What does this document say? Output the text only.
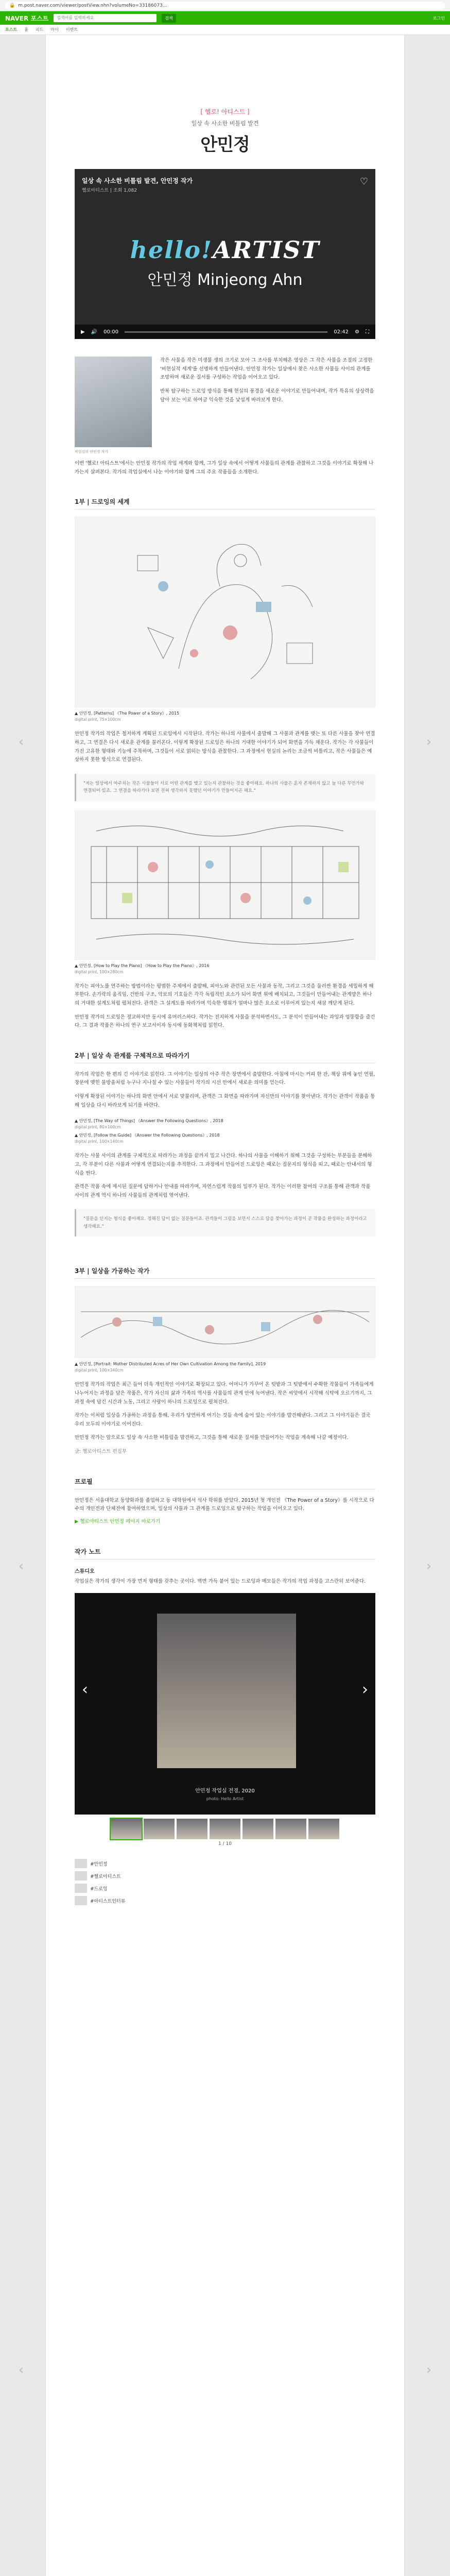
🔒 m.post.naver.com/viewer/postView.nhn?volumeNo=33186073...
NAVER 포스트	검색어를 입력하세요	검색	로그인
포스트 홈 피드 마이 이벤트
‹	›
‹	›
‹	›
[ 헬로! 아티스트 ]
일상 속 사소한 비틀림 발견
안민정
일상 속 사소한 비틀림 발견, 안민정 작가
헬로아티스트 | 조회 1,082
♡
hello!ARTIST
안민정 Minjeong Ahn
▶ 🔊 00:00	02:42 ⚙ ⛶
작업실의 안민정 작가

작은 사물을 작은 미생물 생의 크기로 모아 그 조사를 부치해온 영상은 그 작은 사물을 조절의 고정한 '비현실적 세계'를 선명하게 만들어낸다. 안민정 작가는 일상에서 찾은 사소한 사물들 사이의 관계를 조망하며 새로운 질서를 구성하는 작업을 이어오고 있다.

반복 탐구하는 드로잉 방식을 통해 현실의 풍경을 새로운 이야기로 만들어내며, 작가 특유의 상상력을 담아 보는 이로 하여금 익숙한 것을 낯설게 바라보게 한다.

이번 '헬로! 아티스트'에서는 안민정 작가의 작업 세계와 함께, 그가 일상 속에서 어떻게 사물들의 관계를 관찰하고 그것을 이야기로 확장해 나가는지 살펴본다. 작가의 작업실에서 나눈 이야기와 함께 그의 주요 작품들을 소개한다.

1부 | 드로잉의 세계
▲ 안민정, [Patterns] 《The Power of a Story》, 2015
digital print, 75×100cm

안민정 작가의 작업은 철저하게 계획된 드로잉에서 시작된다. 작가는 하나의 사물에서 출발해 그 사물과 관계를 맺는 또 다른 사물을 찾아 연결하고, 그 연결은 다시 새로운 관계를 불러온다. 이렇게 확장된 드로잉은 하나의 거대한 이야기가 되어 화면을 가득 채운다. 작가는 각 사물들이 가진 고유한 형태와 기능에 주목하며, 그것들이 서로 얽히는 방식을 관찰한다. 그 과정에서 현실의 논리는 조금씩 비틀리고, 작은 사물들은 예상하지 못한 방식으로 연결된다.

"저는 일상에서 마주치는 작은 사물들이 서로 어떤 관계를 맺고 있는지 관찰하는 것을 좋아해요. 하나의 사물은 혼자 존재하지 않고 늘 다른 무언가와 연결되어 있죠. 그 연결을 따라가다 보면 전혀 생각하지 못했던 이야기가 만들어지곤 해요."
▲ 안민정, [How to Play the Piano] 《How to Play the Piano》, 2016
digital print, 100×280cm

작가는 피아노를 연주하는 방법이라는 평범한 주제에서 출발해, 피아노와 관련된 모든 사물과 동작, 그리고 그것을 둘러싼 환경을 세밀하게 해부한다. 손가락의 움직임, 건반의 구조, 악보의 기호들은 각각 독립적인 요소가 되어 화면 위에 배치되고, 그것들이 만들어내는 관계망은 하나의 거대한 설계도처럼 펼쳐진다. 관객은 그 설계도를 따라가며 익숙한 행위가 얼마나 많은 요소로 이루어져 있는지 새삼 깨닫게 된다.

안민정 작가의 드로잉은 정교하지만 동시에 유머러스하다. 작가는 진지하게 사물을 분석하면서도, 그 분석이 만들어내는 과잉과 엉뚱함을 즐긴다. 그 결과 작품은 하나의 연구 보고서이자 동시에 동화책처럼 읽힌다.

2부 | 일상 속 관계를 구체적으로 따라가기

작가의 작업은 한 편의 긴 이야기로 읽힌다. 그 이야기는 일상의 아주 작은 장면에서 출발한다. 아침에 마시는 커피 한 잔, 책상 위에 놓인 연필, 창문에 맺힌 물방울처럼 누구나 지나칠 수 있는 사물들이 작가의 시선 안에서 새로운 의미를 얻는다.

이렇게 확장된 이야기는 하나의 화면 안에서 서로 맞물리며, 관객은 그 화면을 따라가며 자신만의 이야기를 찾아낸다. 작가는 관객이 작품을 통해 일상을 다시 바라보게 되기를 바란다.

▲ 안민정, [The Way of Things] 《Answer the Following Questions》, 2018
digital print, 80×100cm
▲ 안민정, [Follow the Guide] 《Answer the Following Questions》, 2018
digital print, 100×140cm

작가는 사물 사이의 관계를 구체적으로 따라가는 과정을 끝까지 밀고 나간다. 하나의 사물을 이해하기 위해 그것을 구성하는 부분들을 분해하고, 각 부분이 다른 사물과 어떻게 연결되는지를 추적한다. 그 과정에서 만들어진 드로잉은 때로는 질문지의 형식을 띠고, 때로는 안내서의 형식을 띤다.

관객은 작품 속에 제시된 질문에 답하거나 안내를 따라가며, 자연스럽게 작품의 일부가 된다. 작가는 이러한 참여의 구조를 통해 관객과 작품 사이의 관계 역시 하나의 사물들의 관계처럼 엮어낸다.

"질문을 던지는 형식을 좋아해요. 정해진 답이 없는 질문들이죠. 관객들이 그림을 보면서 스스로 답을 찾아가는 과정이 곧 작품을 완성하는 과정이라고 생각해요."
3부 | 일상을 가공하는 작가
▲ 안민정, [Portrait: Mother Distributed Acres of Her Own Cultivation Among the Family], 2019
digital print, 100×340cm

안민정 작가의 작업은 최근 들어 더욱 개인적인 이야기로 확장되고 있다. 어머니가 가꾸어 온 텃밭과 그 텃밭에서 수확한 작물들이 가족들에게 나누어지는 과정을 담은 작품은, 작가 자신의 삶과 가족의 역사를 사물들의 관계 안에 녹여낸다. 작은 씨앗에서 시작해 식탁에 오르기까지, 그 과정 속에 담긴 시간과 노동, 그리고 사랑이 하나의 드로잉으로 펼쳐진다.

작가는 이처럼 일상을 가공하는 과정을 통해, 우리가 당연하게 여기는 것들 속에 숨어 있는 이야기를 발견해낸다. 그리고 그 이야기들은 결국 우리 모두의 이야기로 이어진다.

안민정 작가는 앞으로도 일상 속 사소한 비틀림을 발견하고, 그것을 통해 새로운 질서를 만들어가는 작업을 계속해 나갈 예정이다.

글: 헬로아티스트 편집부

프로필

안민정은 서울대학교 동양화과를 졸업하고 동 대학원에서 석사 학위를 받았다. 2015년 첫 개인전 《The Power of a Story》를 시작으로 다수의 개인전과 단체전에 참여하였으며, 일상의 사물과 그 관계를 드로잉으로 탐구하는 작업을 이어오고 있다.

▶ 헬로아티스트 안민정 페이지 바로가기

작가 노트
스튜디오

작업실은 작가의 생각이 가장 먼저 형태를 갖추는 곳이다. 벽면 가득 붙어 있는 드로잉과 메모들은 작가의 작업 과정을 고스란히 보여준다.

‹	›
안민정 작업실 전경, 2020
photo: Hello Artist
1 / 10
#안민정
#헬로아티스트
#드로잉
#아티스트인터뷰
